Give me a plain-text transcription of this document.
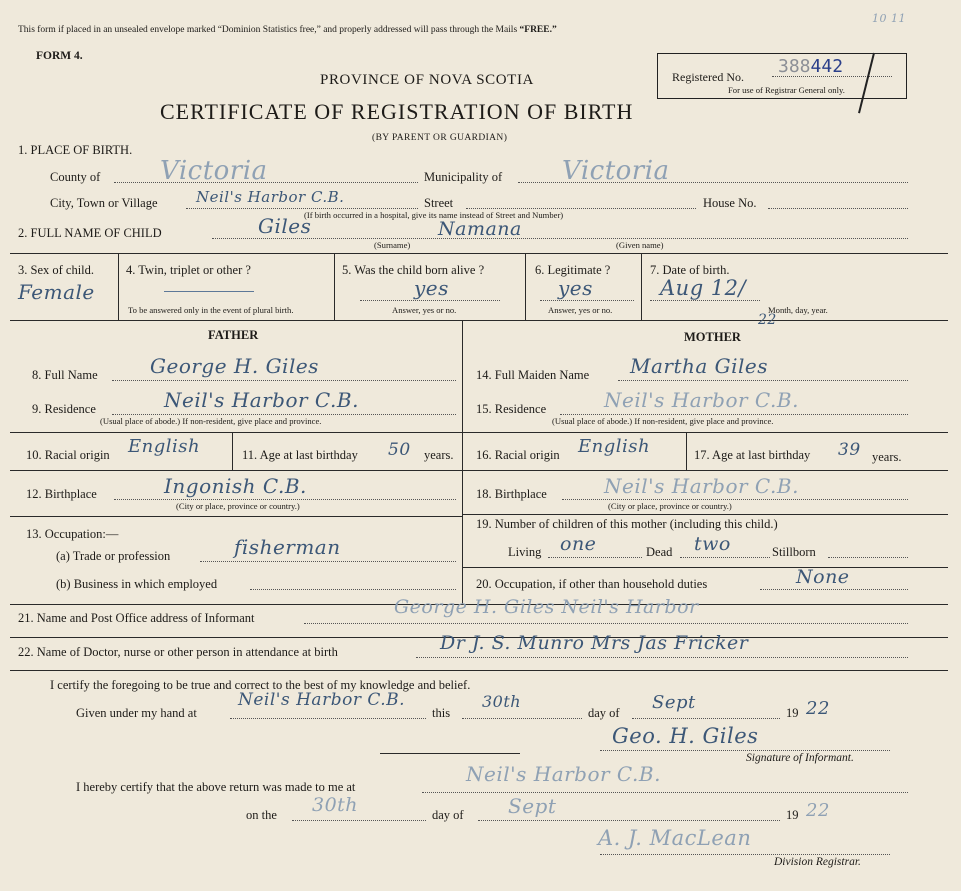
This form if placed in an unsealed envelope marked “Dominion Statistics free,” and properly addressed will pass through the Mails “FREE.”
10 11
FORM 4.
PROVINCE OF NOVA SCOTIA
CERTIFICATE OF REGISTRATION OF BIRTH
(BY PARENT OR GUARDIAN)
Registered No. 388442
For use of Registrar General only.
1. PLACE OF BIRTH.
County of Victoria	Municipality of Victoria
City, Town or Village	Neil's Harbor C.B.	Street	House No.
(If birth occurred in a hospital, give its name instead of Street and Number)
2. FULL NAME OF CHILD	Giles	Namana
(Surname)	(Given name)
3. Sex of child.
Female
4. Twin, triplet or other ?
To be answered only in the event of plural birth.
5. Was the child born alive ?
yes
Answer, yes or no.
6. Legitimate ?
yes
Answer, yes or no.
7. Date of birth.
Aug 12/
Month, day, year.
22
FATHER	MOTHER
8. Full Name	George H. Giles
9. Residence	Neil's Harbor C.B.
(Usual place of abode.) If non-resident, give place and province.
10. Racial origin English	11. Age at last birthday 50 years.
12. Birthplace	Ingonish C.B.
(City or place, province or country.)
13. Occupation:—
(a) Trade or profession	fisherman
(b) Business in which employed
14. Full Maiden Name Martha Giles
15. Residence	Neil's Harbor C.B.
(Usual place of abode.) If non-resident, give place and province.
16. Racial origin English	17. Age at last birthday 39 years.
18. Birthplace	Neil's Harbor C.B.
(City or place, province or country.)
19. Number of children of this mother (including this child.)
Living one	Dead two	Stillborn
20. Occupation, if other than household duties	None
21. Name and Post Office address of Informant	George H. Giles Neil's Harbor
22. Name of Doctor, nurse or other person in attendance at birth	Dr J. S. Munro Mrs Jas Fricker
I certify the foregoing to be true and correct to the best of my knowledge and belief.
Given under my hand at
Neil's Harbor C.B.
this
30th
day of Sept	19 22
Geo. H. Giles
Signature of Informant.
I hereby certify that the above return was made to me at
Neil's Harbor C.B.
on the 30th	day of Sept	19 22
A. J. MacLean
Division Registrar.
